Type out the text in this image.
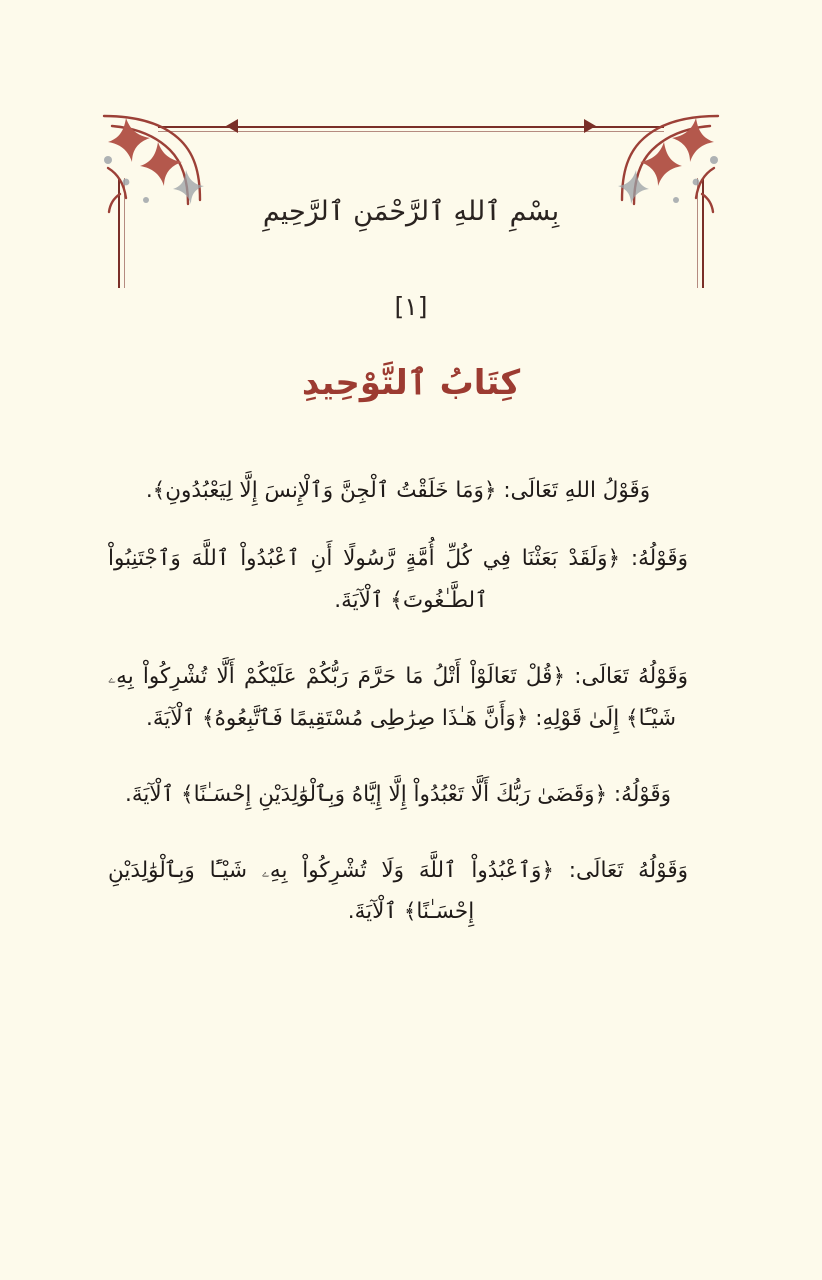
بِسْمِ ٱللهِ ٱلرَّحْمَنِ ٱلرَّحِيمِ
[١]
كِتَابُ ٱلتَّوْحِيدِ

وَقَوْلُ اللهِ تَعَالَى: ﴿وَمَا خَلَقْتُ ٱلْجِنَّ وَٱلْإِنسَ إِلَّا لِيَعْبُدُونِ﴾.

وَقَوْلُهُ: ﴿وَلَقَدْ بَعَثْنَا فِي كُلِّ أُمَّةٍ رَّسُولًا أَنِ ٱعْبُدُواْ ٱللَّهَ وَٱجْتَنِبُواْ ٱلطَّـٰغُوتَ﴾ ٱلْآيَةَ.

وَقَوْلُهُ تَعَالَى: ﴿قُلْ تَعَالَوْاْ أَتْلُ مَا حَرَّمَ رَبُّكُمْ عَلَيْكُمْ أَلَّا تُشْرِكُواْ بِهِۦ شَيْـًٔا﴾ إِلَىٰ قَوْلِهِ: ﴿وَأَنَّ هَـٰذَا صِرَٰطِى مُسْتَقِيمًا فَٱتَّبِعُوهُ﴾ ٱلْآيَةَ.

وَقَوْلُهُ: ﴿وَقَضَىٰ رَبُّكَ أَلَّا تَعْبُدُواْ إِلَّا إِيَّاهُ وَبِٱلْوَٰلِدَيْنِ إِحْسَـٰنًا﴾ ٱلْآيَةَ.

وَقَوْلُهُ تَعَالَى: ﴿وَٱعْبُدُواْ ٱللَّهَ وَلَا تُشْرِكُواْ بِهِۦ شَيْـًٔا وَبِٱلْوَٰلِدَيْنِ إِحْسَـٰنًا﴾ ٱلْآيَةَ.
